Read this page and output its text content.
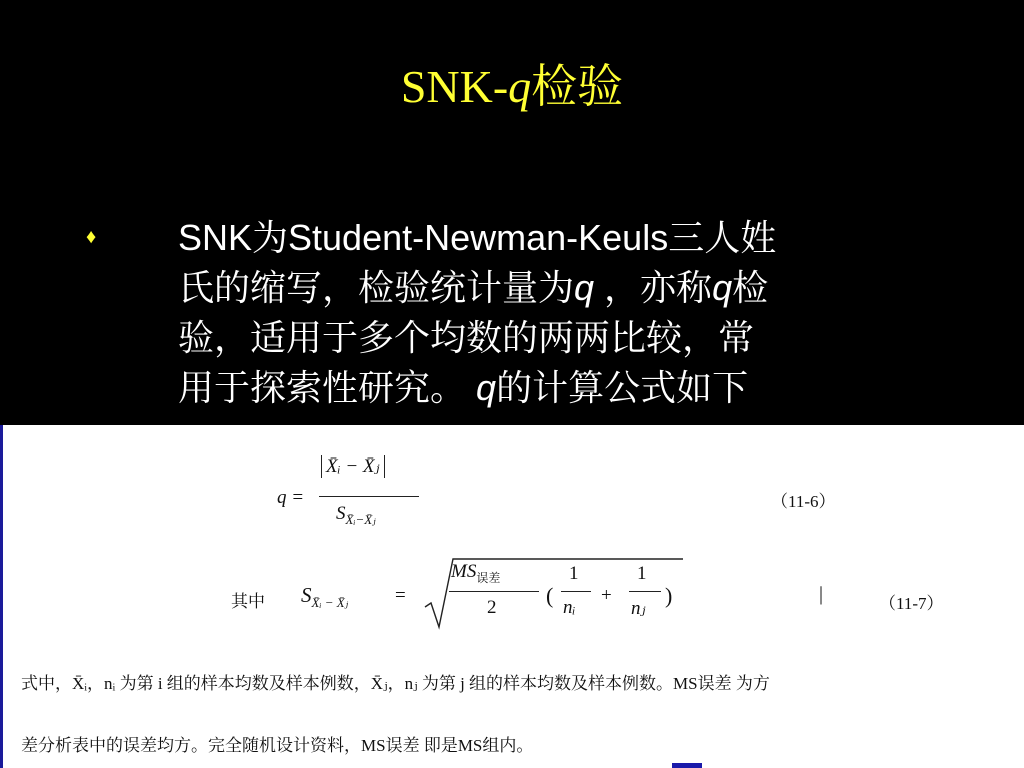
SNK-q检验
♦ SNK为Student-Newman-Keuls三人姓
氏的缩写，检验统计量为q ，亦称q检
验，适用于多个均数的两两比较，常
用于探索性研究。 q的计算公式如下
q =
X̄ᵢ − X̄ⱼ
$S_{X̄ᵢ-X̄ⱼ}$
（11-6）
其中 $S_{X̄ᵢ - X̄ⱼ}$ =
$MS_{误差}$
2 (
1
nᵢ
+
1
nⱼ
)	|	（11-7）
式中，X̄ᵢ，nᵢ 为第 i 组的样本均数及样本例数，X̄ⱼ，nⱼ 为第 j 组的样本均数及样本例数。MS误差 为方
差分析表中的误差均方。完全随机设计资料，MS误差 即是MS组内。
